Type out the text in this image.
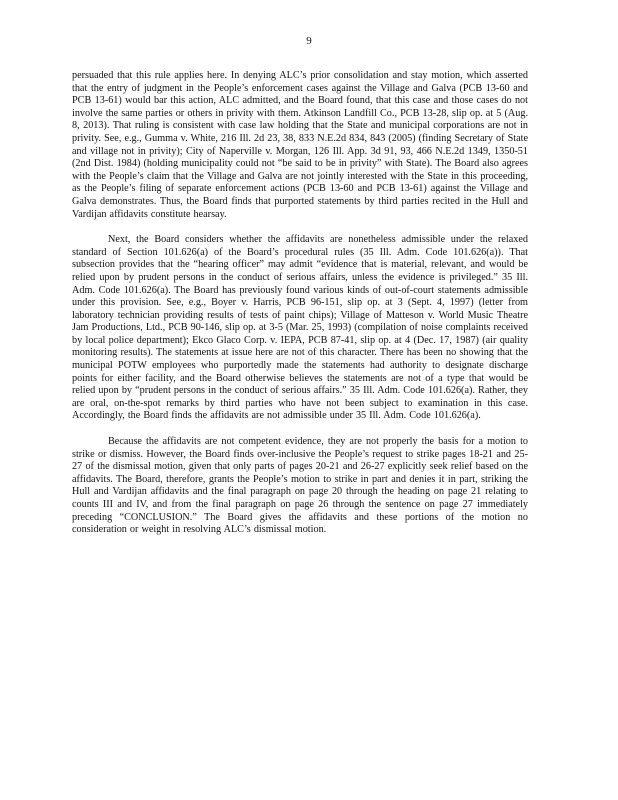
9

persuaded that this rule applies here. In denying ALC’s prior consolidation and stay motion, which asserted that the entry of judgment in the People’s enforcement cases against the Village and Galva (PCB 13-60 and PCB 13-61) would bar this action, ALC admitted, and the Board found, that this case and those cases do not involve the same parties or others in privity with them. Atkinson Landfill Co., PCB 13-28, slip op. at 5 (Aug. 8, 2013). That ruling is consistent with case law holding that the State and municipal corporations are not in privity. See, e.g., Gumma v. White, 216 Ill. 2d 23, 38, 833 N.E.2d 834, 843 (2005) (finding Secretary of State and village not in privity); City of Naperville v. Morgan, 126 Ill. App. 3d 91, 93, 466 N.E.2d 1349, 1350-51 (2nd Dist. 1984) (holding municipality could not “be said to be in privity” with State). The Board also agrees with the People’s claim that the Village and Galva are not jointly interested with the State in this proceeding, as the People’s filing of separate enforcement actions (PCB 13-60 and PCB 13-61) against the Village and Galva demonstrates. Thus, the Board finds that purported statements by third parties recited in the Hull and Vardijan affidavits constitute hearsay.

Next, the Board considers whether the affidavits are nonetheless admissible under the relaxed standard of Section 101.626(a) of the Board’s procedural rules (35 Ill. Adm. Code 101.626(a)). That subsection provides that the “hearing officer” may admit “evidence that is material, relevant, and would be relied upon by prudent persons in the conduct of serious affairs, unless the evidence is privileged.” 35 Ill. Adm. Code 101.626(a). The Board has previously found various kinds of out-of-court statements admissible under this provision. See, e.g., Boyer v. Harris, PCB 96-151, slip op. at 3 (Sept. 4, 1997) (letter from laboratory technician providing results of tests of paint chips); Village of Matteson v. World Music Theatre Jam Productions, Ltd., PCB 90-146, slip op. at 3-5 (Mar. 25, 1993) (compilation of noise complaints received by local police department); Ekco Glaco Corp. v. IEPA, PCB 87-41, slip op. at 4 (Dec. 17, 1987) (air quality monitoring results). The statements at issue here are not of this character. There has been no showing that the municipal POTW employees who purportedly made the statements had authority to designate discharge points for either facility, and the Board otherwise believes the statements are not of a type that would be relied upon by “prudent persons in the conduct of serious affairs.” 35 Ill. Adm. Code 101.626(a). Rather, they are oral, on-the-spot remarks by third parties who have not been subject to examination in this case. Accordingly, the Board finds the affidavits are not admissible under 35 Ill. Adm. Code 101.626(a).

Because the affidavits are not competent evidence, they are not properly the basis for a motion to strike or dismiss. However, the Board finds over-inclusive the People’s request to strike pages 18-21 and 25-27 of the dismissal motion, given that only parts of pages 20-21 and 26-27 explicitly seek relief based on the affidavits. The Board, therefore, grants the People’s motion to strike in part and denies it in part, striking the Hull and Vardijan affidavits and the final paragraph on page 20 through the heading on page 21 relating to counts III and IV, and from the final paragraph on page 26 through the sentence on page 27 immediately preceding “CONCLUSION.” The Board gives the affidavits and these portions of the motion no consideration or weight in resolving ALC’s dismissal motion.
